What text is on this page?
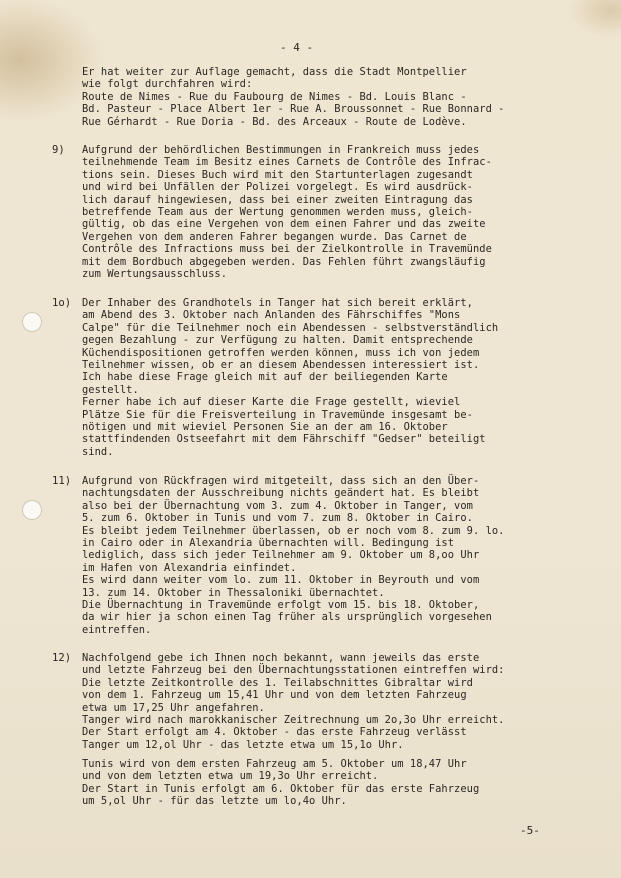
- 4 -
Er hat weiter zur Auflage gemacht, dass die Stadt Montpellier
wie folgt durchfahren wird:
Route de Nimes - Rue du Faubourg de Nimes - Bd. Louis Blanc -
Bd. Pasteur - Place Albert 1er - Rue A. Broussonnet - Rue Bonnard -
Rue Gérhardt - Rue Doria - Bd. des Arceaux - Route de Lodève.
9) Aufgrund der behördlichen Bestimmungen in Frankreich muss jedes
teilnehmende Team im Besitz eines Carnets de Contrôle des Infrac-
tions sein. Dieses Buch wird mit den Startunterlagen zugesandt
und wird bei Unfällen der Polizei vorgelegt. Es wird ausdrück-
lich darauf hingewiesen, dass bei einer zweiten Eintragung das
betreffende Team aus der Wertung genommen werden muss, gleich-
gültig, ob das eine Vergehen von dem einen Fahrer und das zweite
Vergehen von dem anderen Fahrer begangen wurde. Das Carnet de
Contrôle des Infractions muss bei der Zielkontrolle in Travemünde
mit dem Bordbuch abgegeben werden. Das Fehlen führt zwangsläufig
zum Wertungsausschluss.
1o) Der Inhaber des Grandhotels in Tanger hat sich bereit erklärt,
am Abend des 3. Oktober nach Anlanden des Fährschiffes "Mons
Calpe" für die Teilnehmer noch ein Abendessen - selbstverständlich
gegen Bezahlung - zur Verfügung zu halten. Damit entsprechende
Küchendispositionen getroffen werden können, muss ich von jedem
Teilnehmer wissen, ob er an diesem Abendessen interessiert ist.
Ich habe diese Frage gleich mit auf der beiliegenden Karte
gestellt.
Ferner habe ich auf dieser Karte die Frage gestellt, wieviel
Plätze Sie für die Freisverteilung in Travemünde insgesamt be-
nötigen und mit wieviel Personen Sie an der am 16. Oktober
stattfindenden Ostseefahrt mit dem Fährschiff "Gedser" beteiligt
sind.
11) Aufgrund von Rückfragen wird mitgeteilt, dass sich an den Über-
nachtungsdaten der Ausschreibung nichts geändert hat. Es bleibt
also bei der Übernachtung vom 3. zum 4. Oktober in Tanger, vom
5. zum 6. Oktober in Tunis und vom 7. zum 8. Oktober in Cairo.
Es bleibt jedem Teilnehmer überlassen, ob er noch vom 8. zum 9. lo.
in Cairo oder in Alexandria übernachten will. Bedingung ist
lediglich, dass sich jeder Teilnehmer am 9. Oktober um 8,oo Uhr
im Hafen von Alexandria einfindet.
Es wird dann weiter vom lo. zum 11. Oktober in Beyrouth und vom
13. zum 14. Oktober in Thessaloniki übernachtet.
Die Übernachtung in Travemünde erfolgt vom 15. bis 18. Oktober,
da wir hier ja schon einen Tag früher als ursprünglich vorgesehen
eintreffen.
12) Nachfolgend gebe ich Ihnen noch bekannt, wann jeweils das erste
und letzte Fahrzeug bei den Übernachtungsstationen eintreffen wird:
Die letzte Zeitkontrolle des 1. Teilabschnittes Gibraltar wird
von dem 1. Fahrzeug um 15,41 Uhr und von dem letzten Fahrzeug
etwa um 17,25 Uhr angefahren.
Tanger wird nach marokkanischer Zeitrechnung um 2o,3o Uhr erreicht.
Der Start erfolgt am 4. Oktober - das erste Fahrzeug verlässt
Tanger um 12,ol Uhr - das letzte etwa um 15,1o Uhr.
Tunis wird von dem ersten Fahrzeug am 5. Oktober um 18,47 Uhr
und von dem letzten etwa um 19,3o Uhr erreicht.
Der Start in Tunis erfolgt am 6. Oktober für das erste Fahrzeug
um 5,ol Uhr - für das letzte um lo,4o Uhr.
-5-
